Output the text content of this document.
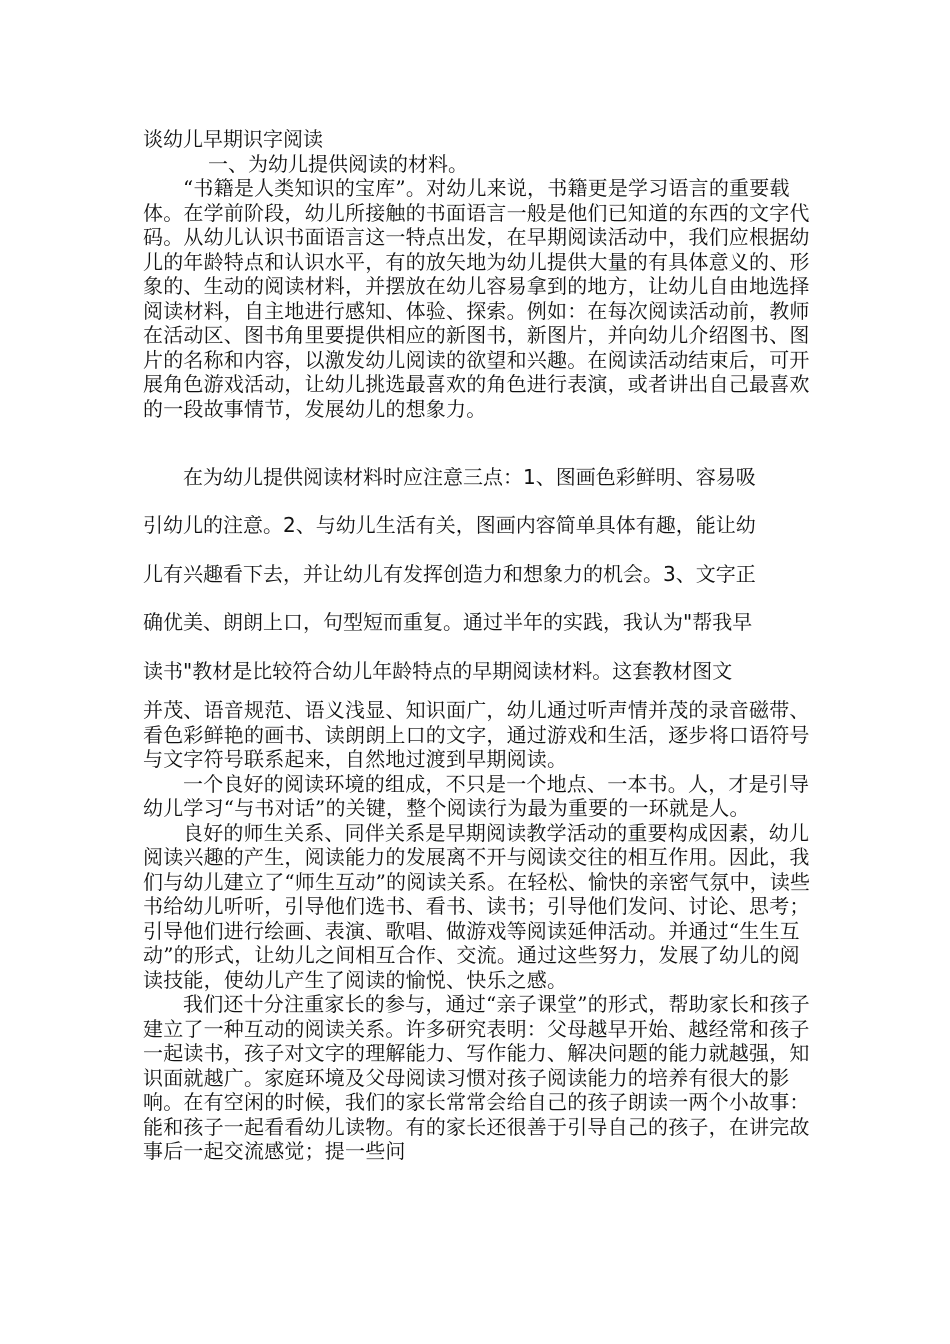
谈幼儿早期识字阅读
一、为幼儿提供阅读的材料。

“书籍是人类知识的宝库”。对幼儿来说，书籍更是学习语言的重要载体。在学前阶段，幼儿所接触的书面语言一般是他们已知道的东西的文字代码。从幼儿认识书面语言这一特点出发，在早期阅读活动中，我们应根据幼儿的年龄特点和认识水平，有的放矢地为幼儿提供大量的有具体意义的、形象的、生动的阅读材料，并摆放在幼儿容易拿到的地方，让幼儿自由地选择阅读材料，自主地进行感知、体验、探索。例如：在每次阅读活动前，教师在活动区、图书角里要提供相应的新图书，新图片，并向幼儿介绍图书、图片的名称和内容，以激发幼儿阅读的欲望和兴趣。在阅读活动结束后，可开展角色游戏活动，让幼儿挑选最喜欢的角色进行表演，或者讲出自己最喜欢的一段故事情节，发展幼儿的想象力。

在为幼儿提供阅读材料时应注意三点：1、图画色彩鲜明、容易吸
引幼儿的注意。2、与幼儿生活有关，图画内容简单具体有趣，能让幼
儿有兴趣看下去，并让幼儿有发挥创造力和想象力的机会。3、文字正
确优美、朗朗上口，句型短而重复。通过半年的实践，我认为"帮我早
读书"教材是比较符合幼儿年龄特点的早期阅读材料。这套教材图文

并茂、语音规范、语义浅显、知识面广，幼儿通过听声情并茂的录音磁带、看色彩鲜艳的画书、读朗朗上口的文字，通过游戏和生活，逐步将口语符号与文字符号联系起来，自然地过渡到早期阅读。

一个良好的阅读环境的组成，不只是一个地点、一本书。人，才是引导幼儿学习“与书对话”的关键，整个阅读行为最为重要的一环就是人。

良好的师生关系、同伴关系是早期阅读教学活动的重要构成因素，幼儿阅读兴趣的产生，阅读能力的发展离不开与阅读交往的相互作用。因此，我们与幼儿建立了“师生互动”的阅读关系。在轻松、愉快的亲密气氛中，读些书给幼儿听听，引导他们选书、看书、读书；引导他们发问、讨论、思考；引导他们进行绘画、表演、歌唱、做游戏等阅读延伸活动。并通过“生生互动”的形式，让幼儿之间相互合作、交流。通过这些努力，发展了幼儿的阅读技能，使幼儿产生了阅读的愉悦、快乐之感。

我们还十分注重家长的参与，通过“亲子课堂”的形式，帮助家长和孩子建立了一种互动的阅读关系。许多研究表明：父母越早开始、越经常和孩子一起读书，孩子对文字的理解能力、写作能力、解决问题的能力就越强，知识面就越广。家庭环境及父母阅读习惯对孩子阅读能力的培养有很大的影响。在有空闲的时候，我们的家长常常会给自己的孩子朗读一两个小故事：能和孩子一起看看幼儿读物。有的家长还很善于引导自己的孩子，在讲完故事后一起交流感觉；提一些问
